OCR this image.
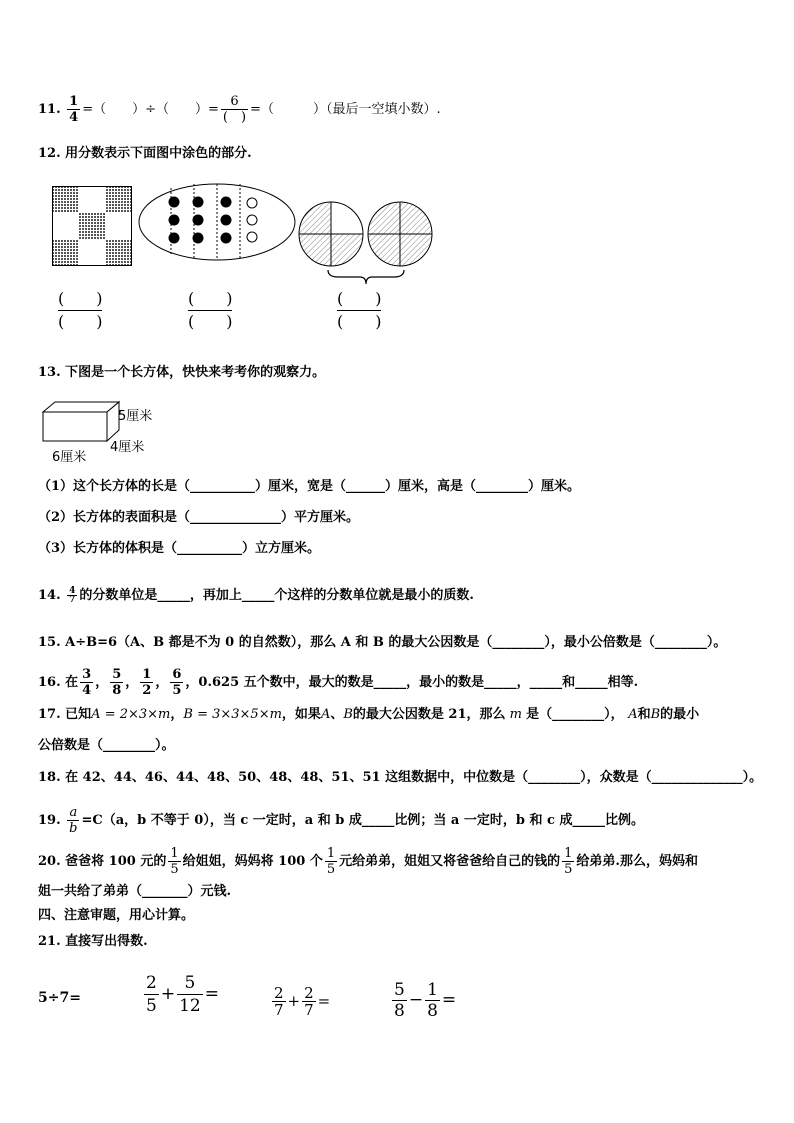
11. $\frac{1}{4}$ =（　　）÷（　　）= $\frac{6}{( )}$ =（　　　）（最后一空填小数）.
12. 用分数表示下面图中涂色的部分.
(　　)
(　　)
(　　)
(　　)
(　　)
(　　)
13. 下图是一个长方体，快快来考考你的观察力。
5厘米
4厘米
6厘米
（1）这个长方体的长是（__________）厘米，宽是（______）厘米，高是（________）厘米。
（2）长方体的表面积是（______________）平方厘米。
（3）长方体的体积是（__________）立方厘米。
14. $\frac{4}{7}$ 的分数单位是_____，再加上_____个这样的分数单位就是最小的质数.
15. A÷B=6（A、B 都是不为 0 的自然数），那么 A 和 B 的最大公因数是（________），最小公倍数是（________）。
16. 在 $\frac{3}{4}$ ， $\frac{5}{8}$ ， $\frac{1}{2}$ ， $\frac{6}{5}$ ，0.625 五个数中，最大的数是_____，最小的数是_____，_____和_____相等.
17. 已知A = 2×3×m，B = 3×3×5×m，如果A、B的最大公因数是 21，那么 m 是（________）， A和B的最小
公倍数是（________）。
18. 在 42、44、46、44、48、50、48、48、51、51 这组数据中，中位数是（________），众数是（______________）。
19. $\frac{a}{b} =C(a$，b 不等于 0），当 c 一定时，a 和 b 成_____比例；当 a 一定时，b 和 c 成_____比例。
20. 爸爸将 100 元的 $\frac{1}{5}$ 给姐姐，妈妈将 100 个 $\frac{1}{5}$ 元给弟弟，姐姐又将爸爸给自己的钱的 $\frac{1}{5}$ 给弟弟.那么，妈妈和
姐一共给了弟弟（_______）元钱.
四、注意审题，用心计算。
21. 直接写出得数.
5÷7=	$\frac{2}{5} + \frac{5}{12}$ =	$\frac{2}{7} + \frac{2}{7}$ =	$\frac{5}{8} - \frac{1}{8}$ =
